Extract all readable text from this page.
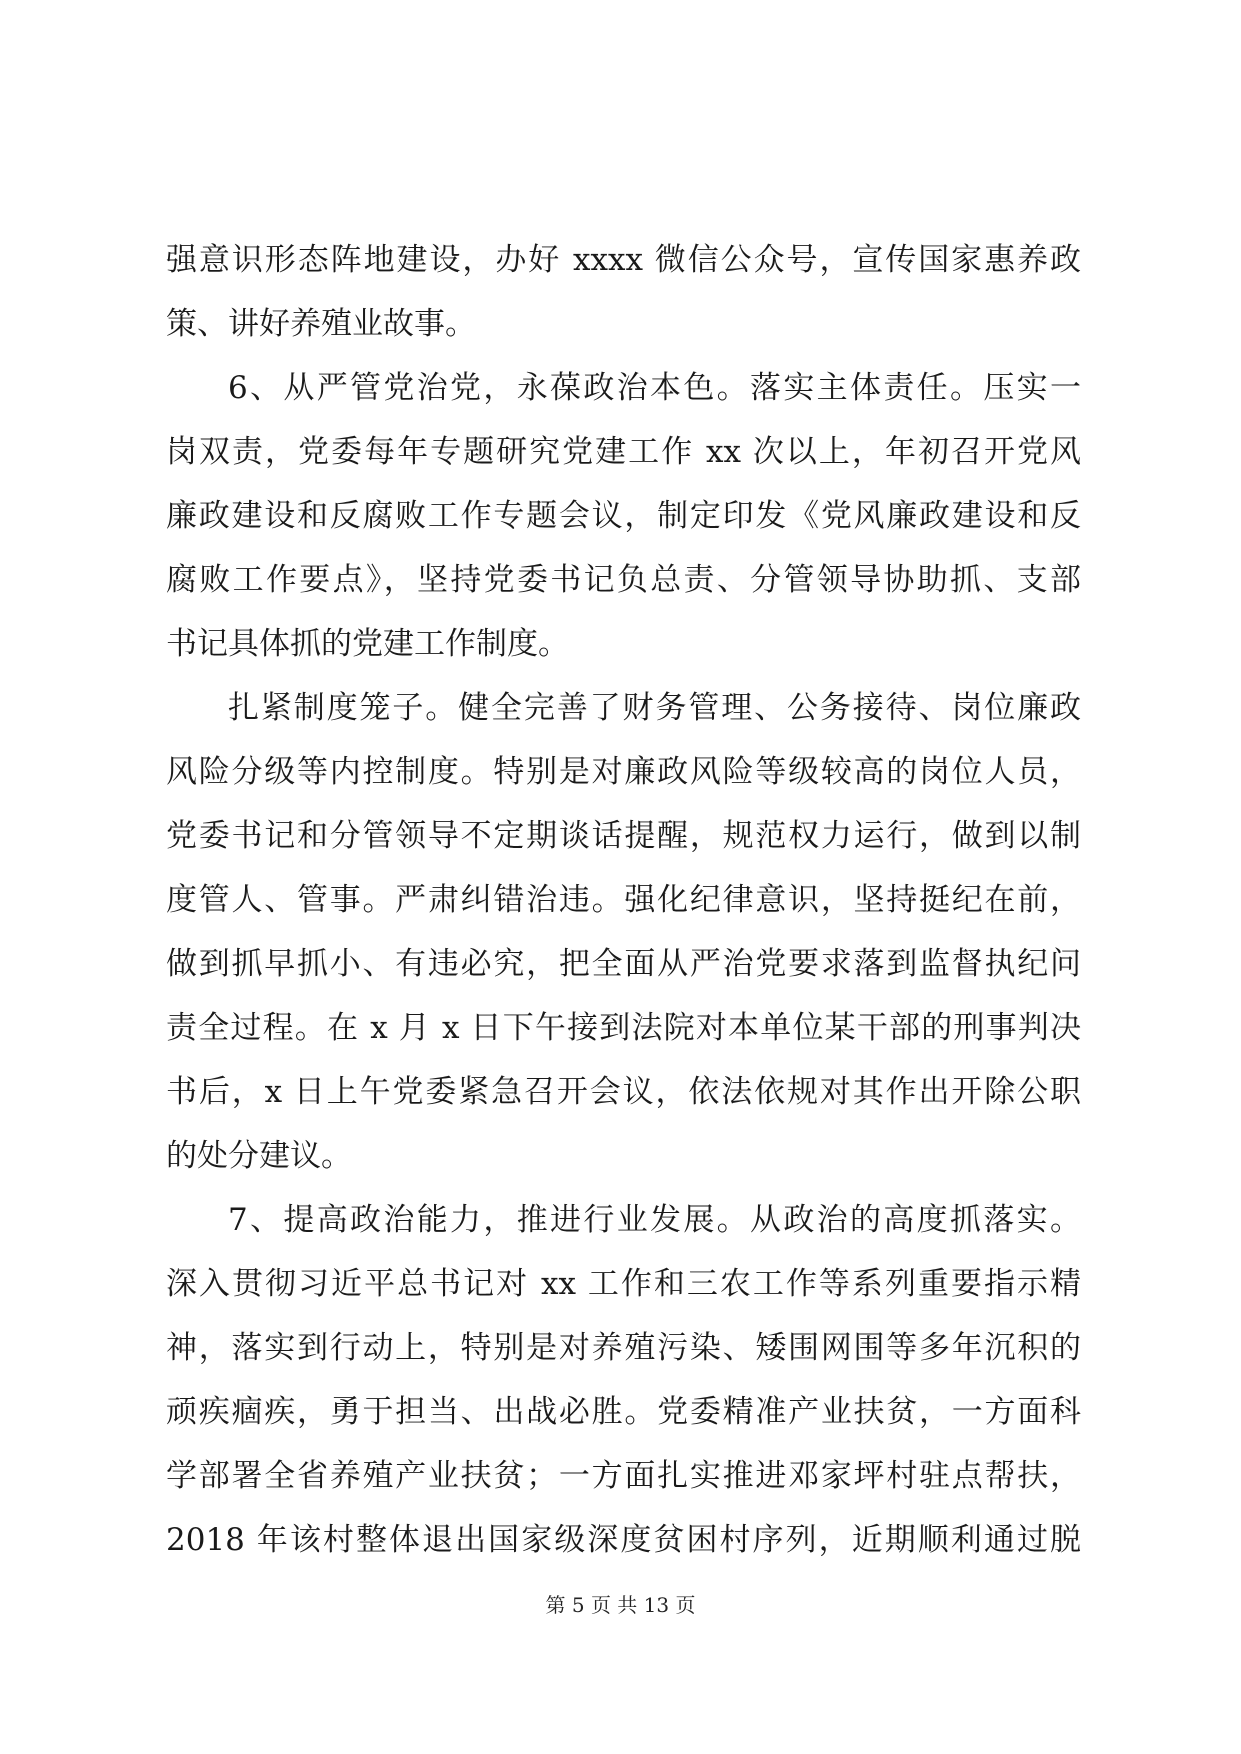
强意识形态阵地建设，办好 xxxx 微信公众号，宣传国家惠养政
策、讲好养殖业故事。
6、从严管党治党，永葆政治本色。落实主体责任。压实一
岗双责，党委每年专题研究党建工作 xx 次以上，年初召开党风
廉政建设和反腐败工作专题会议，制定印发《党风廉政建设和反
腐败工作要点》，坚持党委书记负总责、分管领导协助抓、支部
书记具体抓的党建工作制度。
扎紧制度笼子。健全完善了财务管理、公务接待、岗位廉政
风险分级等内控制度。特别是对廉政风险等级较高的岗位人员，
党委书记和分管领导不定期谈话提醒，规范权力运行，做到以制
度管人、管事。严肃纠错治违。强化纪律意识，坚持挺纪在前，
做到抓早抓小、有违必究，把全面从严治党要求落到监督执纪问
责全过程。在 x 月 x 日下午接到法院对本单位某干部的刑事判决
书后，x 日上午党委紧急召开会议，依法依规对其作出开除公职
的处分建议。
7、提高政治能力，推进行业发展。从政治的高度抓落实。
深入贯彻习近平总书记对 xx 工作和三农工作等系列重要指示精
神，落实到行动上，特别是对养殖污染、矮围网围等多年沉积的
顽疾痼疾，勇于担当、出战必胜。党委精准产业扶贫，一方面科
学部署全省养殖产业扶贫；一方面扎实推进邓家坪村驻点帮扶，
2018 年该村整体退出国家级深度贫困村序列，近期顺利通过脱
第 5 页 共 13 页
